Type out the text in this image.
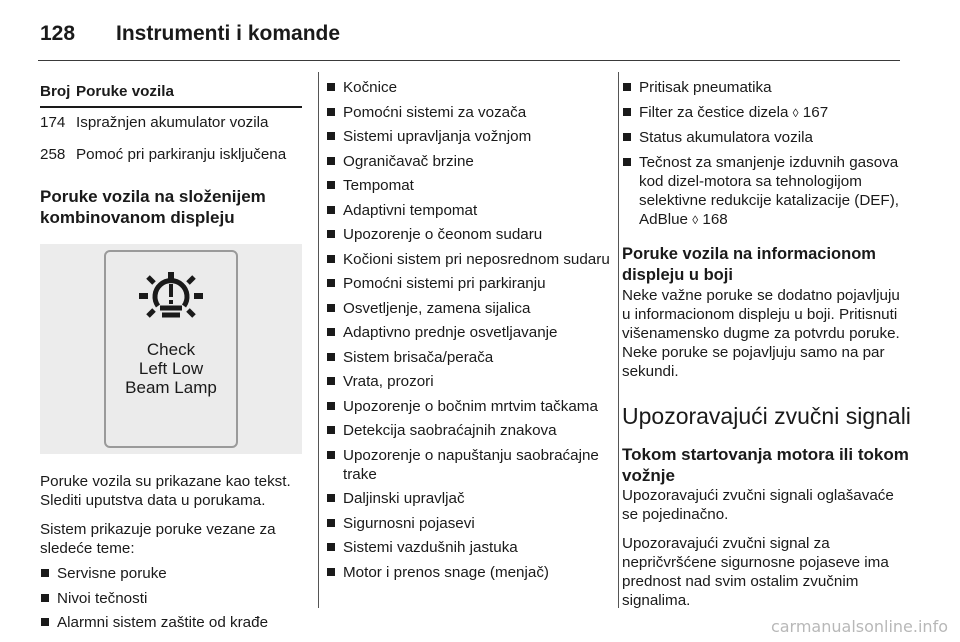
128	Instrumenti i komande
Broj	Poruke vozila
174	Ispražnjen akumulator vozila
258	Pomoć pri parkiranju isključena
Poruke vozila na složenijem kombinovanom displeju
Check
Left Low
Beam Lamp

Poruke vozila su prikazane kao tekst. Slediti uputstva data u porukama.

Sistem prikazuje poruke vezane za sledeće teme:

Servisne poruke
Nivoi tečnosti
Alarmni sistem zaštite od krađe
Kočnice
Pomoćni sistemi za vozača
Sistemi upravljanja vožnjom
Ograničavač brzine
Tempomat
Adaptivni tempomat
Upozorenje o čeonom sudaru
Kočioni sistem pri neposrednom sudaru
Pomoćni sistemi pri parkiranju
Osvetljenje, zamena sijalica
Adaptivno prednje osvetljavanje
Sistem brisača/perača
Vrata, prozori
Upozorenje o bočnim mrtvim tačkama
Detekcija saobraćajnih znakova
Upozorenje o napuštanju saobraćajne trake
Daljinski upravljač
Sigurnosni pojasevi
Sistemi vazdušnih jastuka
Motor i prenos snage (menjač)
Pritisak pneumatika
Filter za čestice dizela ◊ 167
Status akumulatora vozila
Tečnost za smanjenje izduvnih gasova kod dizel-motora sa tehnologijom selektivne redukcije katalizacije (DEF), AdBlue ◊ 168
Poruke vozila na informacionom displeju u boji

Neke važne poruke se dodatno pojavljuju u informacionom displeju u boji. Pritisnuti višenamensko dugme za potvrdu poruke. Neke poruke se pojavljuju samo na par sekundi.

Upozoravajući zvučni signali
Tokom startovanja motora ili tokom vožnje

Upozoravajući zvučni signali oglašavaće se pojedinačno.

Upozoravajući zvučni signal za nepričvršćene sigurnosne pojaseve ima prednost nad svim ostalim zvučnim signalima.

carmanualsonline.info
